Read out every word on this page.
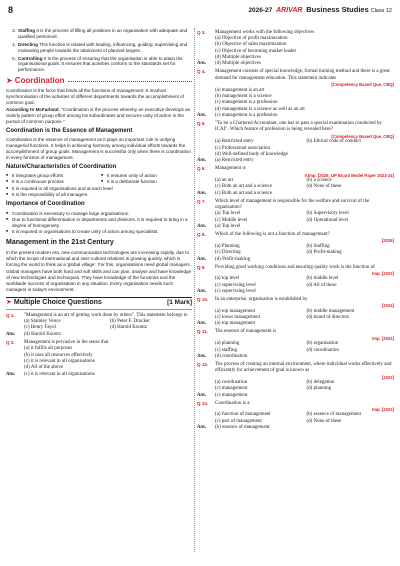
8	2026-27 ARIVAR Business Studies Class 12
3. Staffing It is the process of filling all positions in an organisation with adequate and qualified personnel.
4. Directing This function is related with leading, influencing, guiding, supervising and motivating people towards the attainment of planned targets.
5. Controlling It is the process of ensuring that the organisation is able to attain the organisational goals. It ensures that activities conform to the standards set for performance.
➤ Coordination

Coordination is the force that binds all the functions of management. It involves synchronisation of the activities of different departments towards the accomplishment of common goal.

According to McFarland, "Coordination is the process whereby an executive develops an orderly pattern of group effort among his subordinates and secures unity of action in the pursuit of common purpose."

Coordination is the Essence of Management

Coordination is the essence of management as it plays an important role in unifying managerial functions. It helps in achieving harmony among individual efforts towards the accomplishment of group goals. Management is successful only when there is coordination in every function of management.

Nature/Characteristics of Coordination
■ It integrates group efforts	■ It ensures unity of action
■ It is a continuous process	■ It is a deliberate function
■ It is required in all organisations and at each level
■ It is the responsibility of all managers.
Importance of Coordination
■ Coordination is necessary to manage large organisations.
■ Due to functional differentiation in departments and divisions, it is required to bring in a degree of homogeneity.
■ It is required in organisations to create unity of action among specialists.
Management in the 21st Century

In the present modern era, new communication technologies are increasing rapidly, due to which the scope of international and inter-cultural relations is growing quickly, which is forcing the world to think as a 'global village'. For this, organisations need global managers.

Global managers have both hard and soft skills and can plan, analyse and have knowledge of new technologies and techniques. They have knowledge of the functions and the worldwide success of organisation in any situation. Every organisation needs such managers in today's environment.

➤ Multiple Choice Questions	[1 Mark]
Q 1.	"Management is an art of getting work done by others". This statement belongs to
(a) Stainley Vence	(b) Peter F. Drucker
(c) Henry Fayol	(d) Harold Koontz
Ans.	(d) Harold Koontz
Q 2.	Management is pervasive in the sense that
(a) it fulfils all purposes
(b) it uses all resources effectively
(c) it is relevant in all organisations
(d) All of the above
Ans.	(c) it is relevant in all organisations
Q 3.	Management works with the following objectives
(a) Objective of profit maximisation
(b) Objective of sales maximisation
(c) Objective of becoming market leader
(d) Multiple objectives
Ans.	(d) Multiple objectives
Q 4.	Management consists of special knowledge, formal training method and there is a great demand for management education. This statement indicates

[Competency Based Que, CBQ]

(a) management is an art
(b) management is a science
(c) management is a profession
(d) management is a science as well as an art
Ans.	(c) management is a profession
Q 5.	"To be a Chartered Accountant, one has to pass a special examination conducted by ICAI". Which feature of profession is being revealed here?

[Competency Based Que, CBQ]

(a) Restricted entry	(b) Ethical code of conduct
(c) Professional association
(d) Well-defined body of knowledge
Ans.	(a) Restricted entry
Q 6.	Management is

V.Imp. [2026; UP Board Model Paper 2023-24]

(a) an art	(b) a science
(c) Both an art and a science	(d) None of these
Ans.	(c) Both an art and a science
Q 7.	Which level of management is responsible for the welfare and survival of the organisation?
(a) Top level	(b) Supervisory level
(c) Middle level	(d) Operational level
Ans.	(a) Top level
Q 8.	Which of the following is not a function of management?

[2026]

(a) Planning	(b) Staffing
(c) Directing	(d) Profit-making
Ans.	(d) Profit-making
Q 9.	Providing good working conditions and ensuring quality work is the function of

Imp. [2023]

(a) top level	(b) middle level
(c) supervising level	(d) All of these
Ans.	(c) supervising level
Q 10.	In an enterprise, organisation is established by

[2024]

(a) top management	(b) middle management
(c) lower management	(d) board of directors
Ans.	(a) top management
Q 11.	The essence of management is

Imp. [2022]

(a) planning	(b) organisation
(c) staffing	(d) coordination
Ans.	(d) coordination
Q 12.	The process of creating an internal environment, where individual works effectively and efficiently for achievement of goal is known as

[2022]

(a) coordination	(b) delegation
(c) management	(d) planning
Ans.	(c) management
Q 13.	Coordination is a

Imp. [2023]

(a) function of management	(b) essence of management
(c) part of management	(d) None of these
Ans.	(b) essence of management
